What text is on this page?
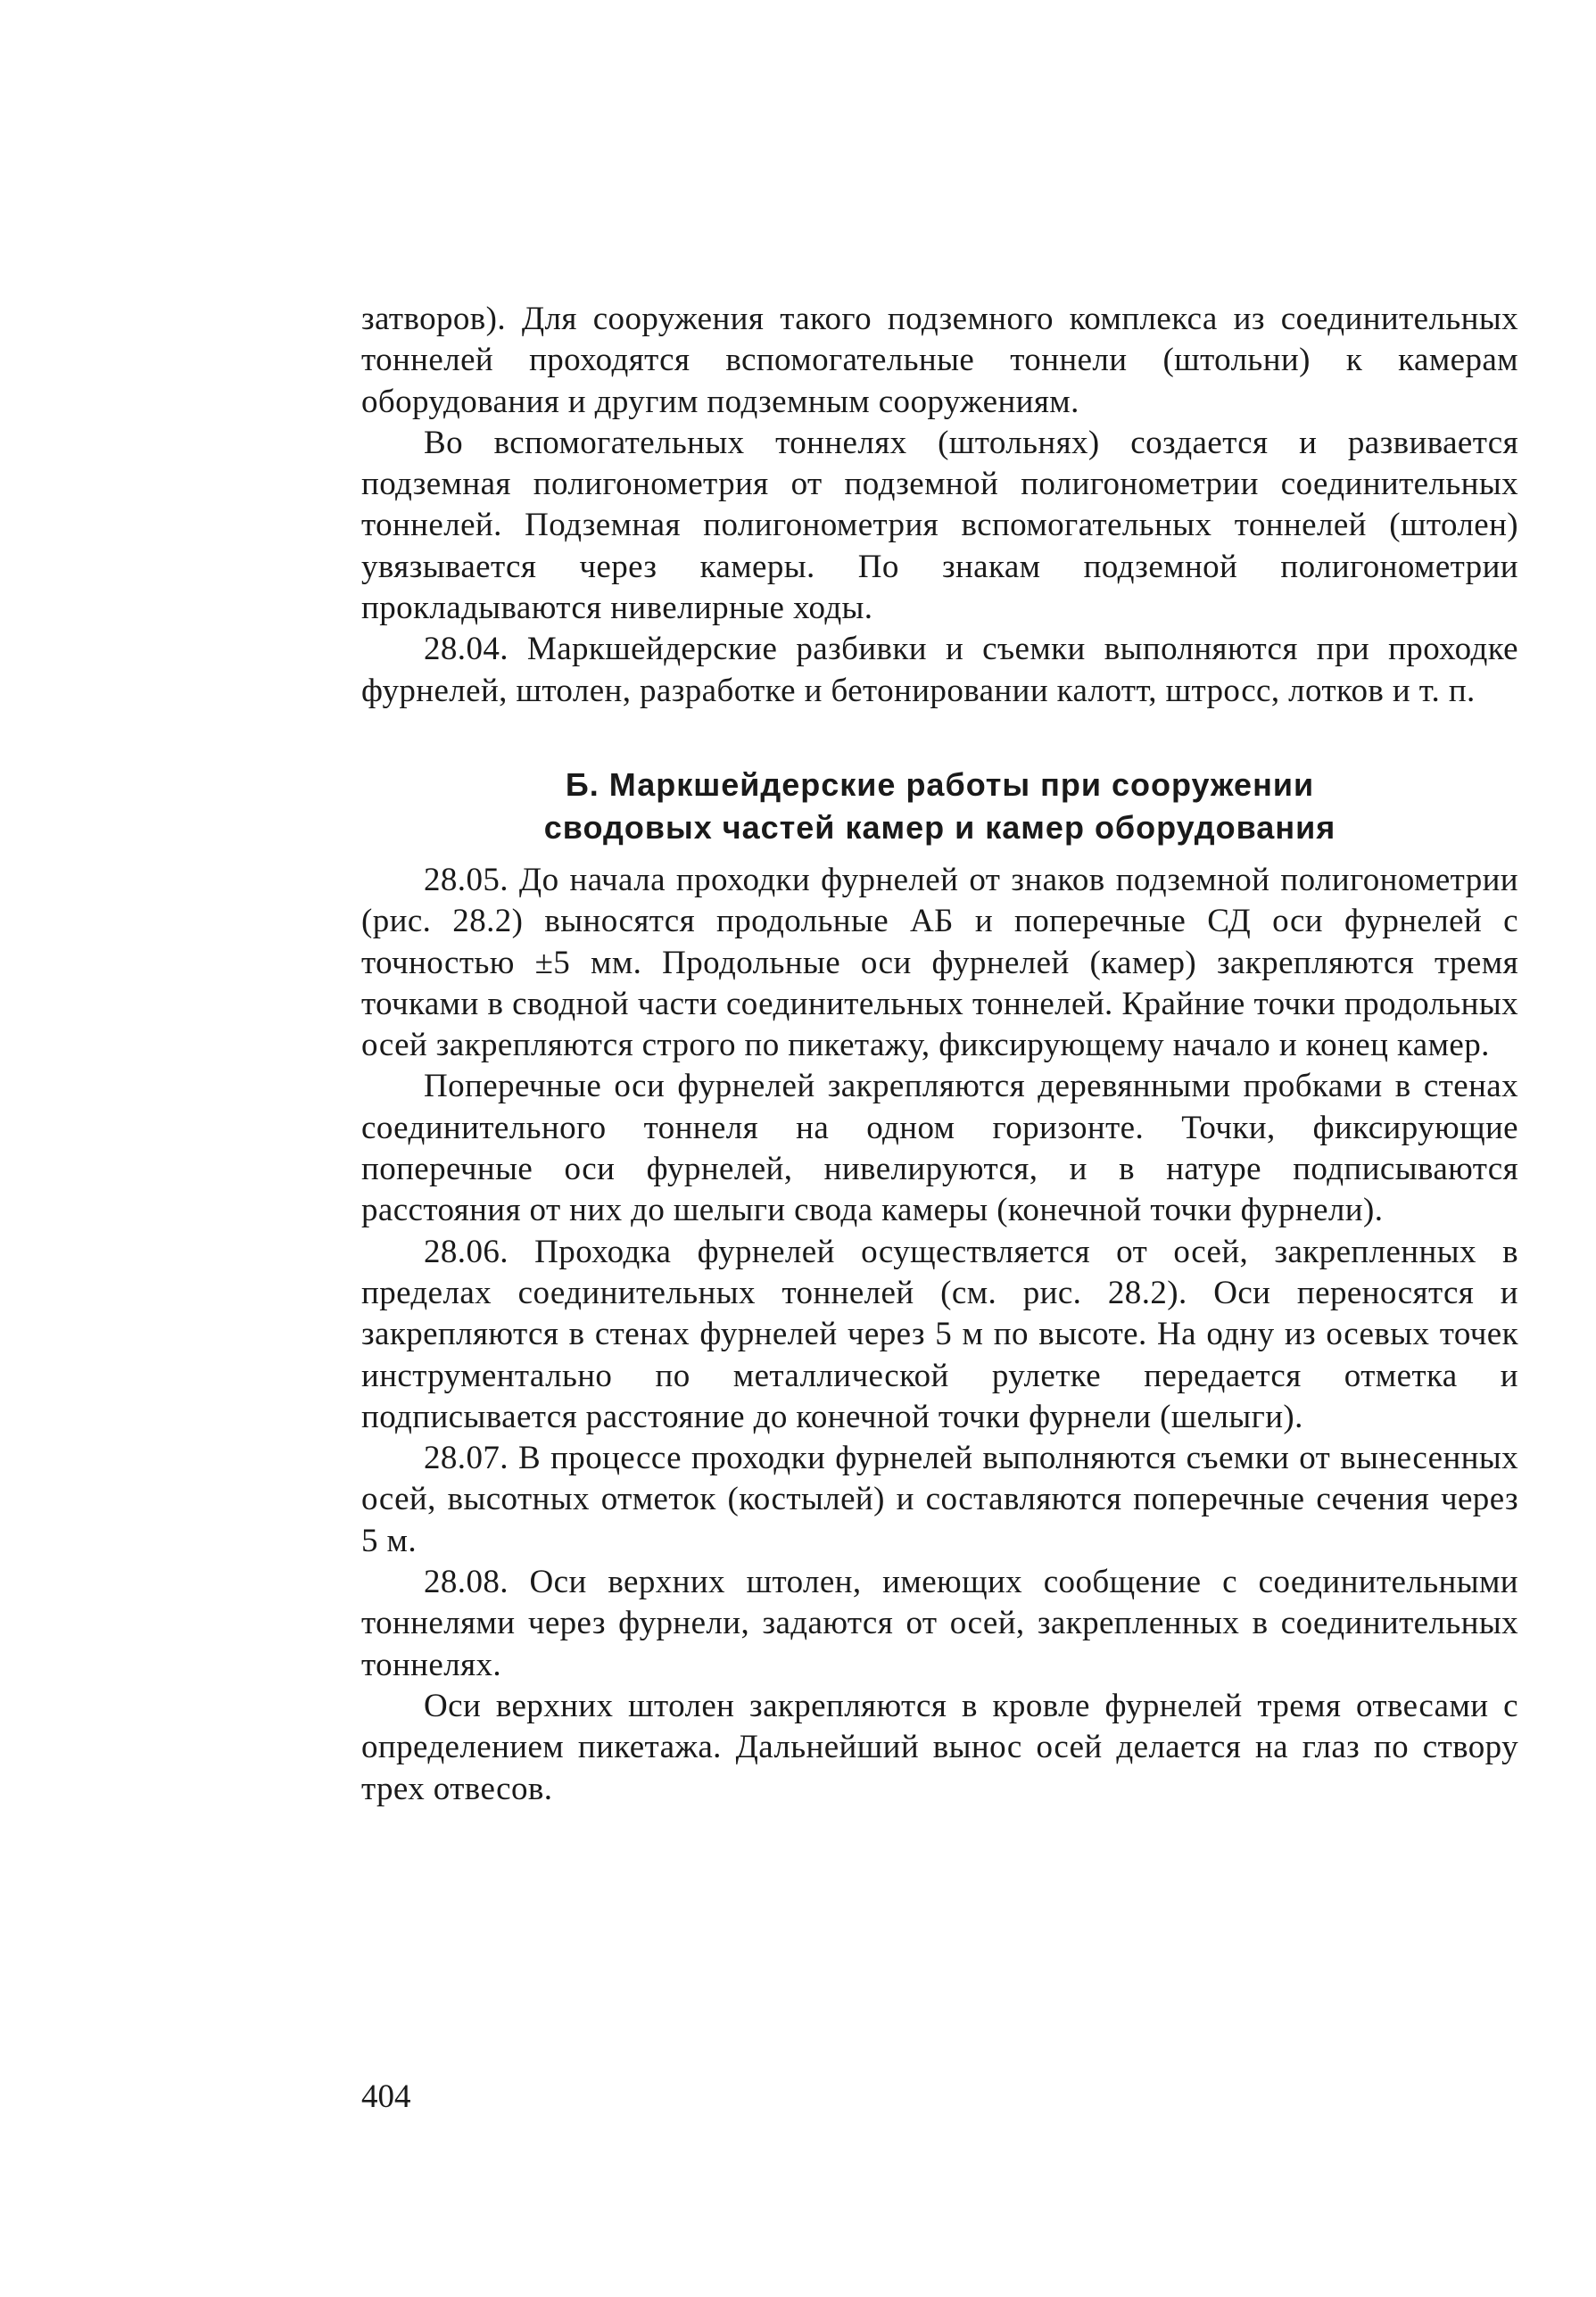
затворов). Для сооружения такого подземного комплекса из соединительных тоннелей проходятся вспомогательные тоннели (штольни) к камерам оборудования и другим подземным сооружениям.

Во вспомогательных тоннелях (штольнях) создается и развивается подземная полигонометрия от подземной полигонометрии соединительных тоннелей. Подземная полигонометрия вспомогательных тоннелей (штолен) увязывается через камеры. По знакам подземной полигонометрии прокладываются нивелирные ходы.

28.04. Маркшейдерские разбивки и съемки выполняются при проходке фурнелей, штолен, разработке и бетонировании калотт, штросс, лотков и т. п.

Б. Маркшейдерские работы при сооружении
сводовых частей камер и камер оборудования

28.05. До начала проходки фурнелей от знаков подземной полигонометрии (рис. 28.2) выносятся продольные АБ и поперечные СД оси фурнелей с точностью ±5 мм. Продольные оси фурнелей (камер) закрепляются тремя точками в сводной части соединительных тоннелей. Крайние точки продольных осей закрепляются строго по пикетажу, фиксирующему начало и конец камер.

Поперечные оси фурнелей закрепляются деревянными пробками в стенах соединительного тоннеля на одном горизонте. Точки, фиксирующие поперечные оси фурнелей, нивелируются, и в натуре подписываются расстояния от них до шелыги свода камеры (конечной точки фурнели).

28.06. Проходка фурнелей осуществляется от осей, закрепленных в пределах соединительных тоннелей (см. рис. 28.2). Оси переносятся и закрепляются в стенах фурнелей через 5 м по высоте. На одну из осевых точек инструментально по металлической рулетке передается отметка и подписывается расстояние до конечной точки фурнели (шелыги).

28.07. В процессе проходки фурнелей выполняются съемки от вынесенных осей, высотных отметок (костылей) и составляются поперечные сечения через 5 м.

28.08. Оси верхних штолен, имеющих сообщение с соединительными тоннелями через фурнели, задаются от осей, закрепленных в соединительных тоннелях.

Оси верхних штолен закрепляются в кровле фурнелей тремя отвесами с определением пикетажа. Дальнейший вынос осей делается на глаз по створу трех отвесов.

404
